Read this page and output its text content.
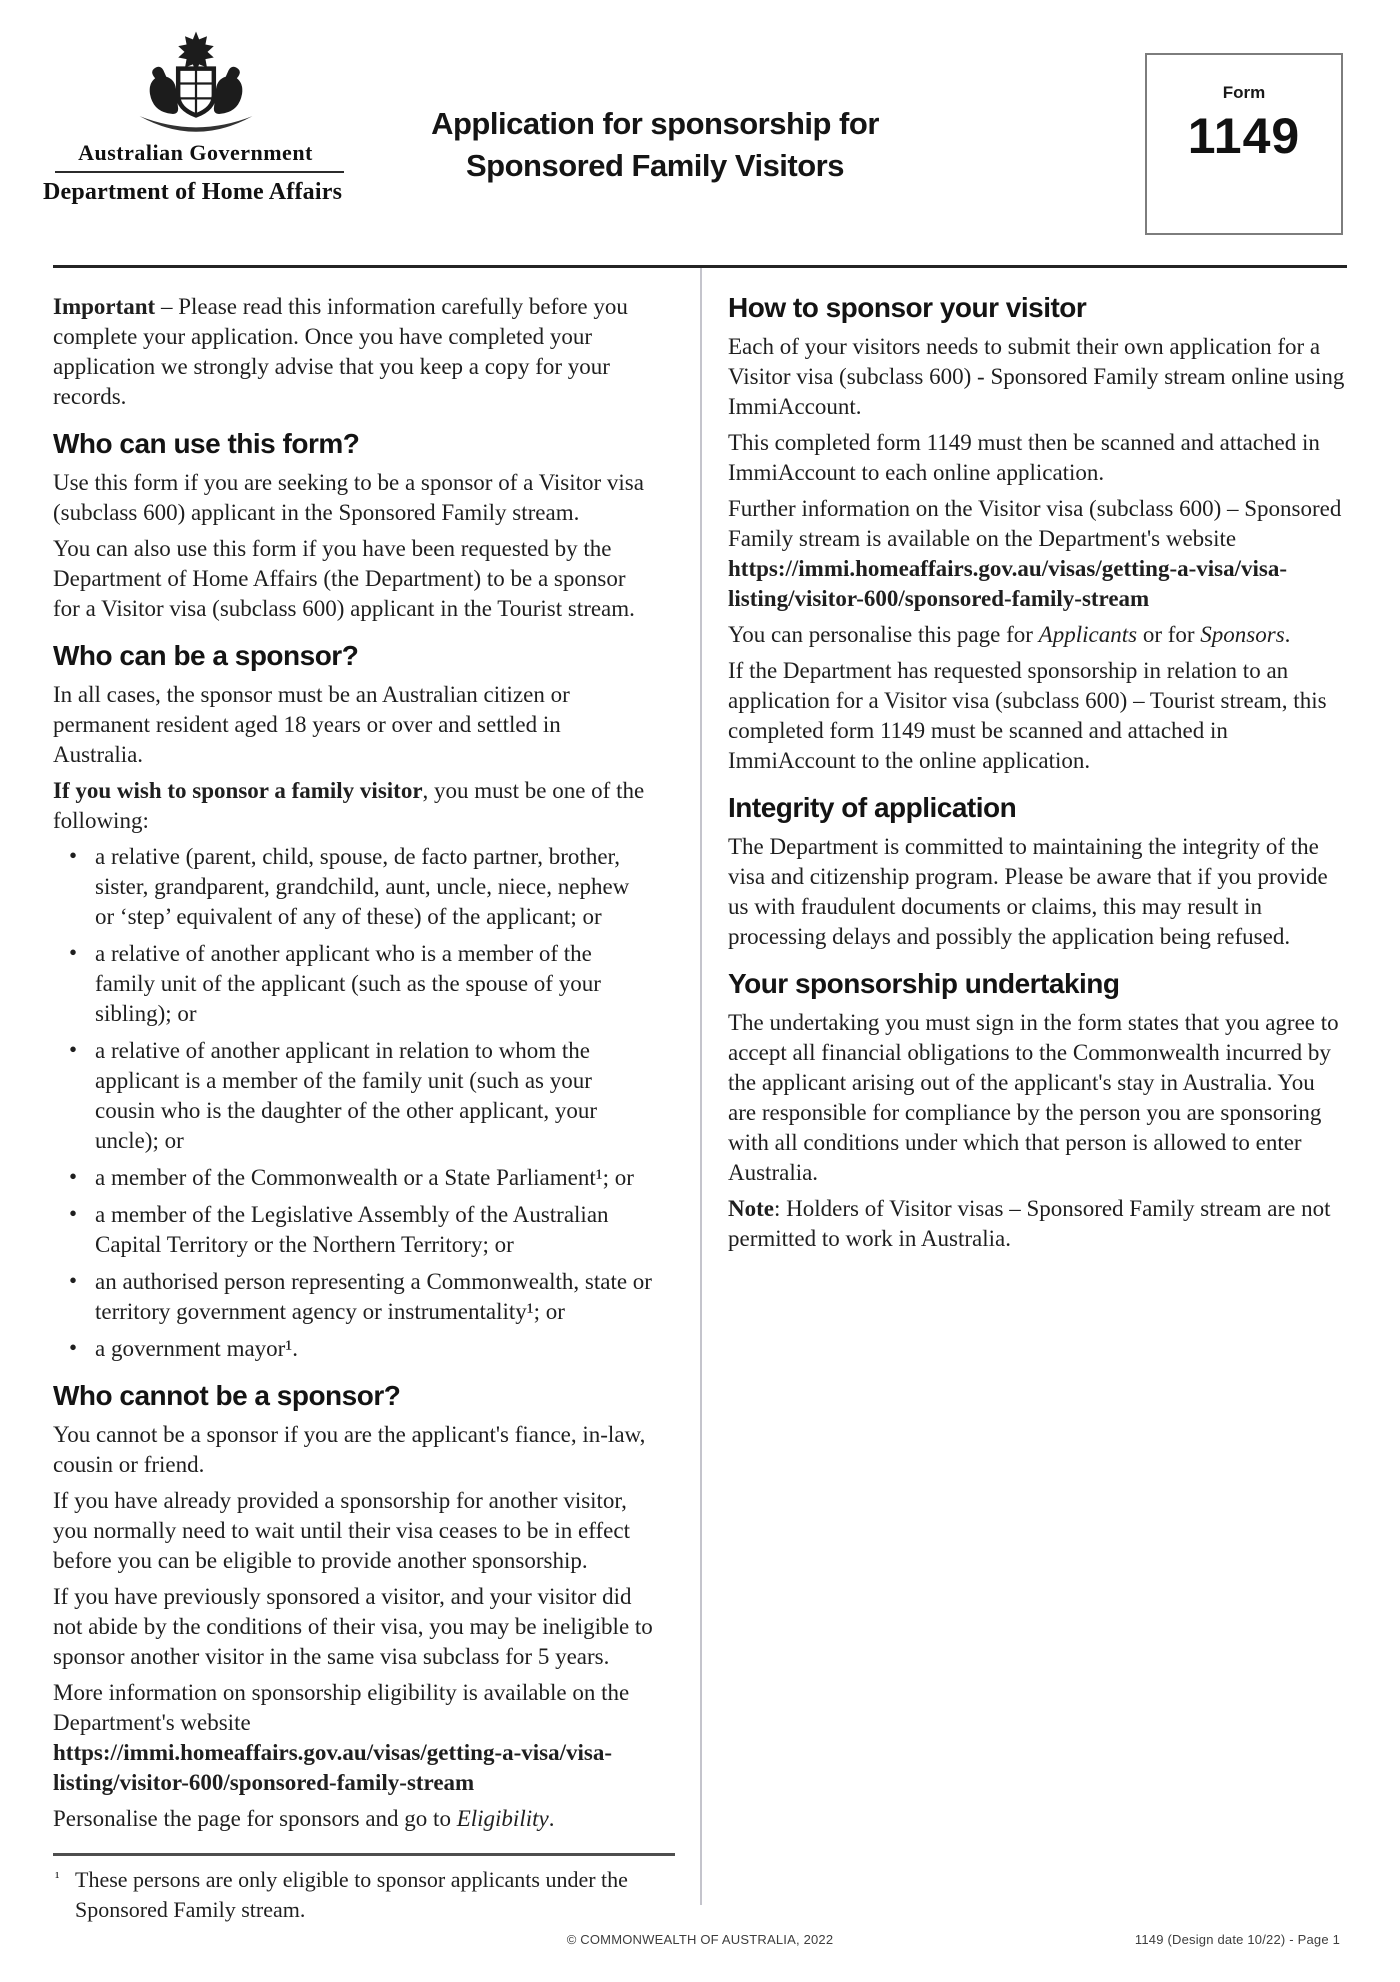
Australian Government
Department of Home Affairs
Application for sponsorship for
Sponsored Family Visitors
Form
1149

Important – Please read this information carefully before you complete your application. Once you have completed your application we strongly advise that you keep a copy for your records.

Who can use this form?

Use this form if you are seeking to be a sponsor of a Visitor visa (subclass 600) applicant in the Sponsored Family stream.

You can also use this form if you have been requested by the Department of Home Affairs (the Department) to be a sponsor for a Visitor visa (subclass 600) applicant in the Tourist stream.

Who can be a sponsor?

In all cases, the sponsor must be an Australian citizen or permanent resident aged 18 years or over and settled in Australia.

If you wish to sponsor a family visitor, you must be one of the following:

• a relative (parent, child, spouse, de facto partner, brother, sister, grandparent, grandchild, aunt, uncle, niece, nephew or ‘step’ equivalent of any of these) of the applicant; or
• a relative of another applicant who is a member of the family unit of the applicant (such as the spouse of your sibling); or
• a relative of another applicant in relation to whom the applicant is a member of the family unit (such as your cousin who is the daughter of the other applicant, your uncle); or
• a member of the Commonwealth or a State Parliament¹; or
• a member of the Legislative Assembly of the Australian Capital Territory or the Northern Territory; or
• an authorised person representing a Commonwealth, state or territory government agency or instrumentality¹; or
• a government mayor¹.
Who cannot be a sponsor?

You cannot be a sponsor if you are the applicant's fiance, in-law, cousin or friend.

If you have already provided a sponsorship for another visitor, you normally need to wait until their visa ceases to be in effect before you can be eligible to provide another sponsorship.

If you have previously sponsored a visitor, and your visitor did not abide by the conditions of their visa, you may be ineligible to sponsor another visitor in the same visa subclass for 5 years.

More information on sponsorship eligibility is available on the Department's website
https://immi.homeaffairs.gov.au/visas/getting-a-visa/visa-listing/visitor-600/sponsored-family-stream

Personalise the page for sponsors and go to Eligibility.

How to sponsor your visitor

Each of your visitors needs to submit their own application for a Visitor visa (subclass 600) - Sponsored Family stream online using ImmiAccount.

This completed form 1149 must then be scanned and attached in ImmiAccount to each online application.

Further information on the Visitor visa (subclass 600) – Sponsored Family stream is available on the Department's website https://immi.homeaffairs.gov.au/visas/getting-a-visa/visa-listing/visitor-600/sponsored-family-stream

You can personalise this page for Applicants or for Sponsors.

If the Department has requested sponsorship in relation to an application for a Visitor visa (subclass 600) – Tourist stream, this completed form 1149 must be scanned and attached in ImmiAccount to the online application.

Integrity of application

The Department is committed to maintaining the integrity of the visa and citizenship program. Please be aware that if you provide us with fraudulent documents or claims, this may result in processing delays and possibly the application being refused.

Your sponsorship undertaking

The undertaking you must sign in the form states that you agree to accept all financial obligations to the Commonwealth incurred by the applicant arising out of the applicant's stay in Australia. You are responsible for compliance by the person you are sponsoring with all conditions under which that person is allowed to enter Australia.

Note: Holders of Visitor visas – Sponsored Family stream are not permitted to work in Australia.

¹ These persons are only eligible to sponsor applicants under the Sponsored Family stream.
© COMMONWEALTH OF AUSTRALIA, 2022	1149 (Design date 10/22) - Page 1
